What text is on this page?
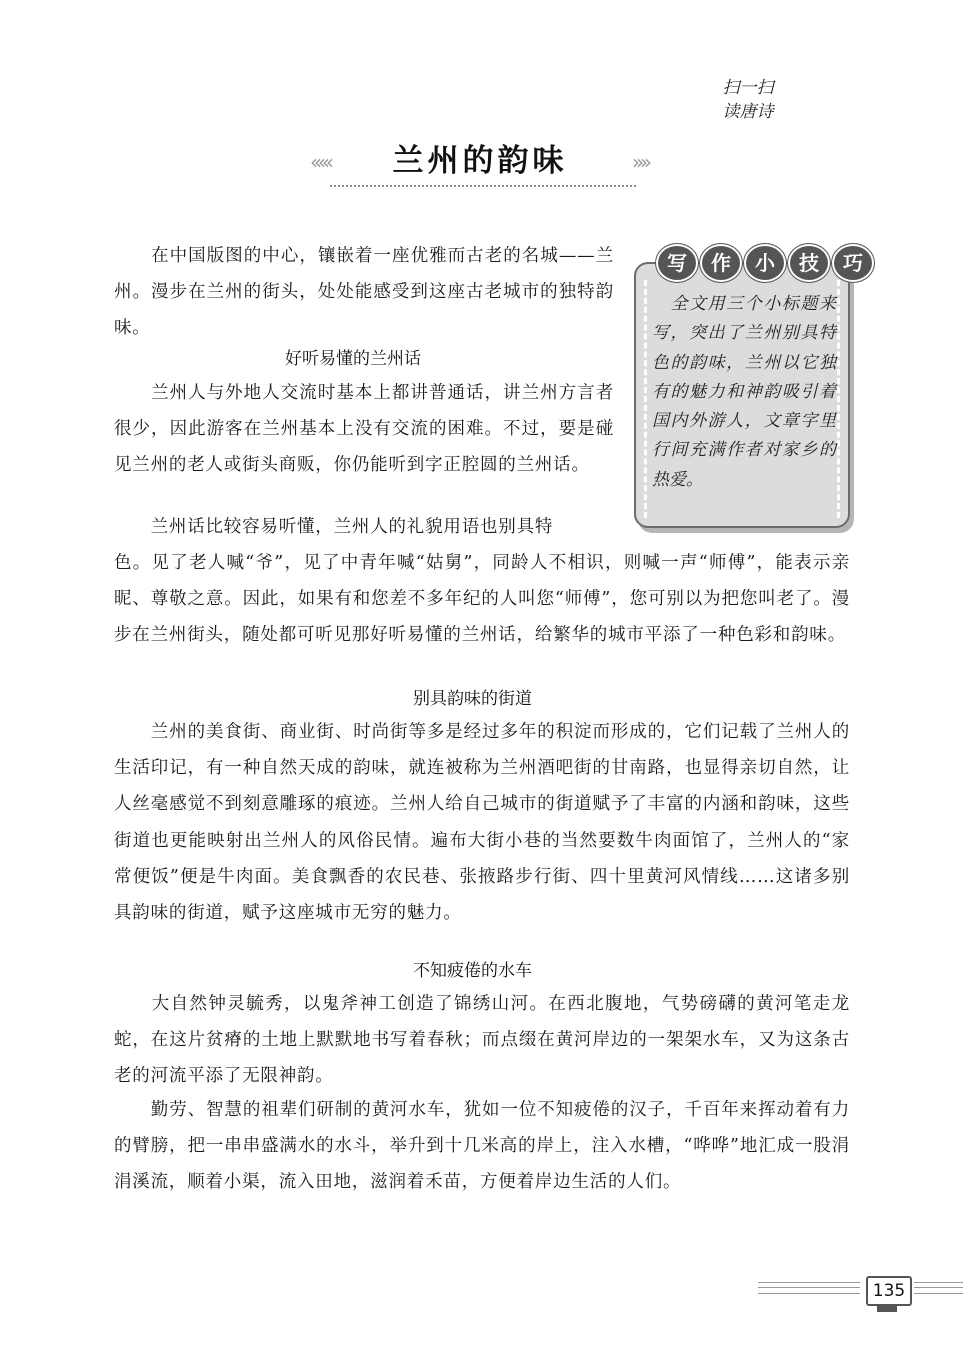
扫一扫
读唐诗
‹‹‹‹‹ 兰州的韵味	››››
　全文用三个小标题来写，突出了兰州别具特色的韵味，兰州以它独有的魅力和神韵吸引着国内外游人，文章字里行间充满作者对家乡的热爱。
写	作	小	技	巧

　　在中国版图的中心，镶嵌着一座优雅而古老的名城——兰州。漫步在兰州的街头，处处能感受到这座古老城市的独特韵味。

好听易懂的兰州话

　　兰州人与外地人交流时基本上都讲普通话，讲兰州方言者很少，因此游客在兰州基本上没有交流的困难。不过，要是碰见兰州的老人或街头商贩，你仍能听到字正腔圆的兰州话。

　　兰州话比较容易听懂，兰州人的礼貌用语也别具特

色。见了老人喊“爷”，见了中青年喊“姑舅”，同龄人不相识，则喊一声“师傅”，能表示亲昵、尊敬之意。因此，如果有和您差不多年纪的人叫您“师傅”，您可别以为把您叫老了。漫步在兰州街头，随处都可听见那好听易懂的兰州话，给繁华的城市平添了一种色彩和韵味。

别具韵味的街道

　　兰州的美食街、商业街、时尚街等多是经过多年的积淀而形成的，它们记载了兰州人的生活印记，有一种自然天成的韵味，就连被称为兰州酒吧街的甘南路，也显得亲切自然，让人丝毫感觉不到刻意雕琢的痕迹。兰州人给自己城市的街道赋予了丰富的内涵和韵味，这些街道也更能映射出兰州人的风俗民情。遍布大街小巷的当然要数牛肉面馆了，兰州人的“家常便饭”便是牛肉面。美食飘香的农民巷、张掖路步行街、四十里黄河风情线……这诸多别具韵味的街道，赋予这座城市无穷的魅力。

不知疲倦的水车

　　大自然钟灵毓秀，以鬼斧神工创造了锦绣山河。在西北腹地，气势磅礴的黄河笔走龙蛇，在这片贫瘠的土地上默默地书写着春秋；而点缀在黄河岸边的一架架水车，又为这条古老的河流平添了无限神韵。

　　勤劳、智慧的祖辈们研制的黄河水车，犹如一位不知疲倦的汉子，千百年来挥动着有力的臂膀，把一串串盛满水的水斗，举升到十几米高的岸上，注入水槽，“哗哗”地汇成一股涓涓溪流，顺着小渠，流入田地，滋润着禾苗，方便着岸边生活的人们。

135
